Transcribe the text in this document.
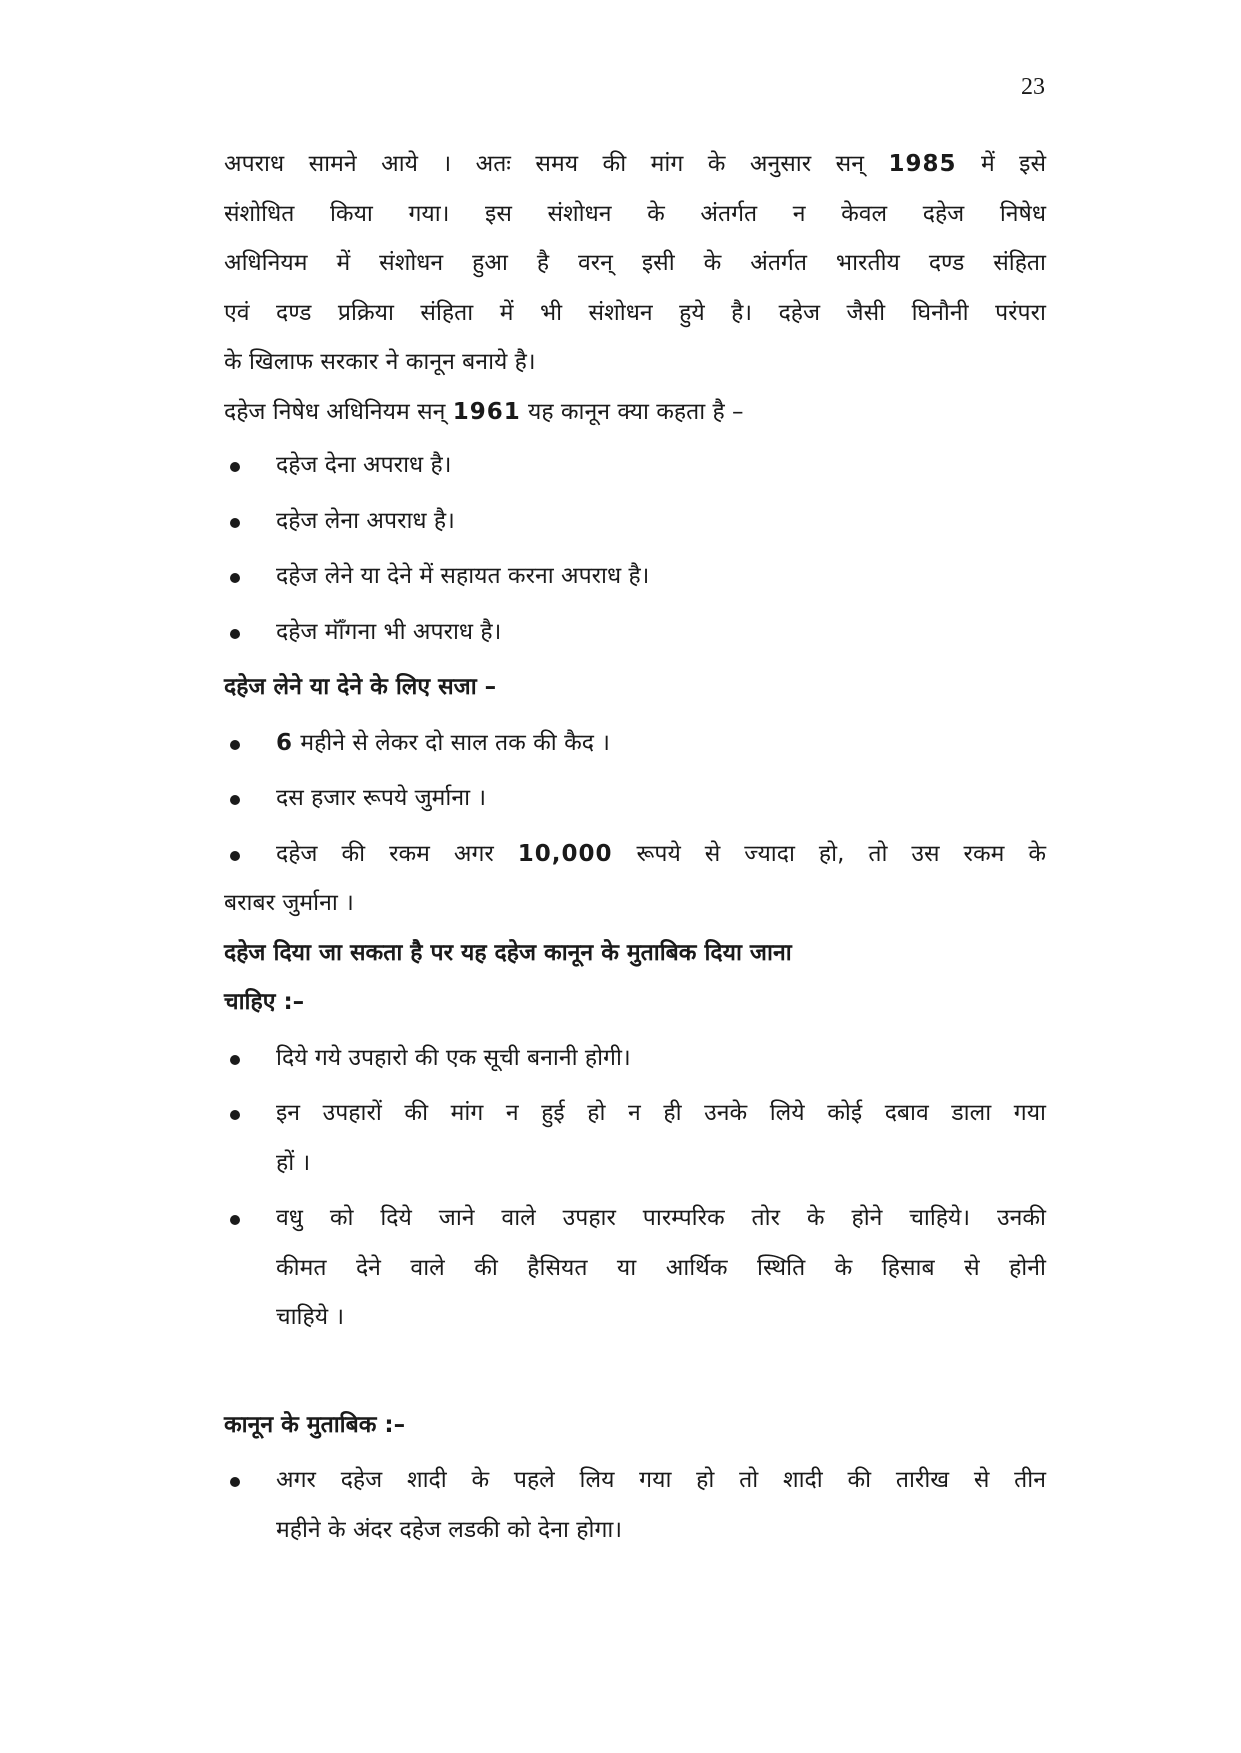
23
अपराध सामने आये । अतः समय की मांग के अनुसार सन् 1985 में इसे
संशोधित किया गया। इस संशोधन के अंतर्गत न केवल दहेज निषेध
अधिनियम में संशोधन हुआ है वरन् इसी के अंतर्गत भारतीय दण्ड संहिता
एवं दण्ड प्रक्रिया संहिता में भी संशोधन हुये है। दहेज जैसी घिनौनी परंपरा
के खिलाफ सरकार ने कानून बनाये है।
दहेज निषेध अधिनियम सन् 1961 यह कानून क्या कहता है –
दहेज देना अपराध है।
दहेज लेना अपराध है।
दहेज लेने या देने में सहायत करना अपराध है।
दहेज मॉँगना भी अपराध है।
दहेज लेने या देने के लिए सजा –
6 महीने से लेकर दो साल तक की कैद ।
दस हजार रूपये जुर्माना ।
दहेज की रकम अगर 10,000 रूपये से ज्यादा हो, तो उस रकम के
बराबर जुर्माना ।
दहेज दिया जा सकता है पर यह दहेज कानून के मुताबिक दिया जाना
चाहिए :–
दिये गये उपहारो की एक सूची बनानी होगी।
इन उपहारों की मांग न हुई हो न ही उनके लिये कोई दबाव डाला गया
हों ।
वधु को दिये जाने वाले उपहार पारम्परिक तोर के होने चाहिये। उनकी
कीमत देने वाले की हैसियत या आर्थिक स्थिति के हिसाब से होनी
चाहिये ।
कानून के मुताबिक :–
अगर दहेज शादी के पहले लिय गया हो तो शादी की तारीख से तीन
महीने के अंदर दहेज लडकी को देना होगा।
